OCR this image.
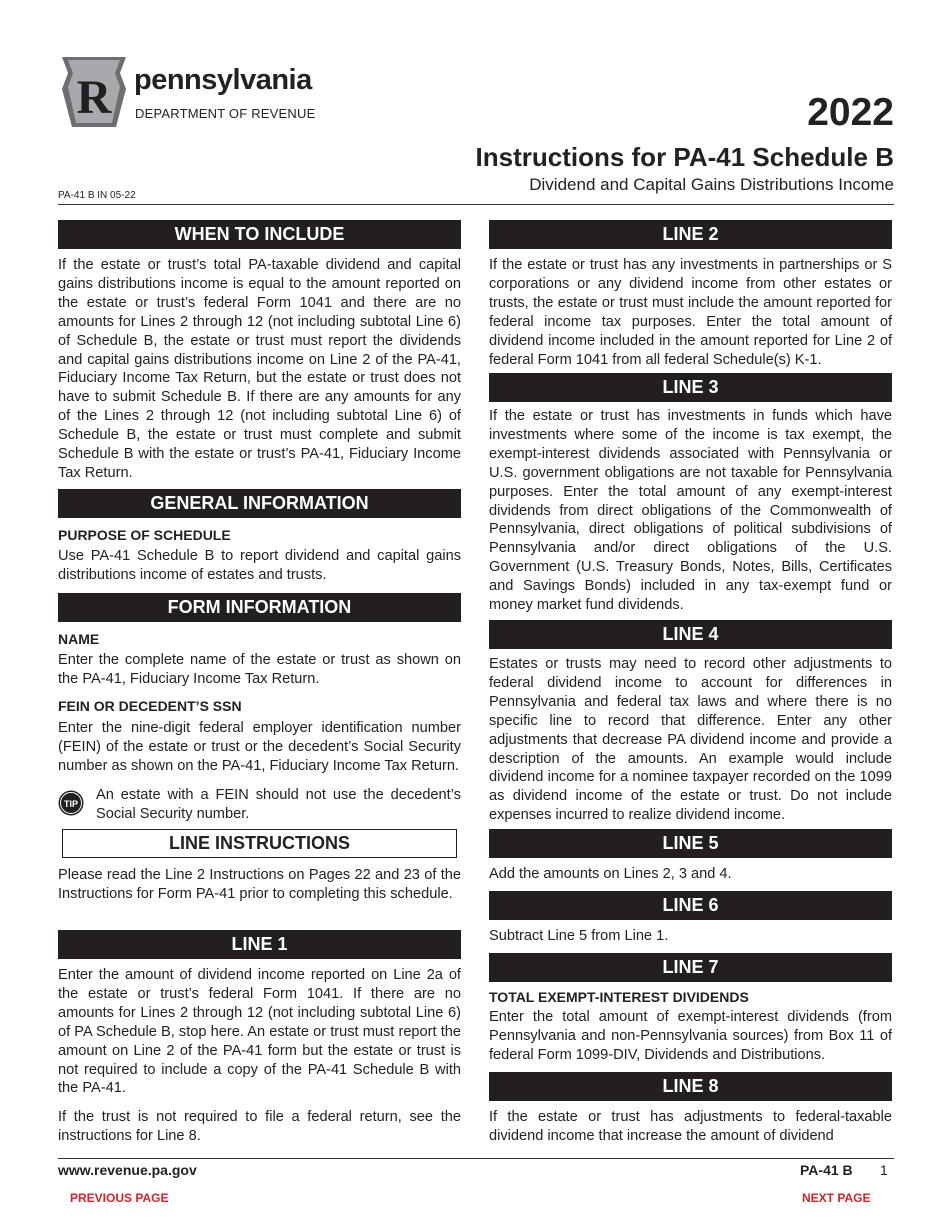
R pennsylvania
DEPARTMENT OF REVENUE	2022
Instructions for PA-41 Schedule B
Dividend and Capital Gains Distributions Income
PA-41 B IN 05-22
WHEN TO INCLUDE
If the estate or trust’s total PA-taxable dividend and capital gains distributions income is equal to the amount reported on the estate or trust’s federal Form 1041 and there are no amounts for Lines 2 through 12 (not including subtotal Line 6) of Schedule B, the estate or trust must report the dividends and capital gains distributions income on Line 2 of the PA-41, Fiduciary Income Tax Return, but the estate or trust does not have to submit Schedule B. If there are any amounts for any of the Lines 2 through 12 (not including subtotal Line 6) of Schedule B, the estate or trust must complete and submit Schedule B with the estate or trust’s PA-41, Fiduciary Income Tax Return.
GENERAL INFORMATION
PURPOSE OF SCHEDULE
Use PA-41 Schedule B to report dividend and capital gains distributions income of estates and trusts.
FORM INFORMATION
NAME
Enter the complete name of the estate or trust as shown on the PA-41, Fiduciary Income Tax Return.
FEIN OR DECEDENT’S SSN
Enter the nine-digit federal employer identification number (FEIN) of the estate or trust or the decedent’s Social Security number as shown on the PA-41, Fiduciary Income Tax Return.
TIP
An estate with a FEIN should not use the decedent’s Social Security number.
LINE INSTRUCTIONS
Please read the Line 2 Instructions on Pages 22 and 23 of the Instructions for Form PA-41 prior to completing this schedule.
LINE 1
Enter the amount of dividend income reported on Line 2a of the estate or trust’s federal Form 1041. If there are no amounts for Lines 2 through 12 (not including subtotal Line 6) of PA Schedule B, stop here. An estate or trust must report the amount on Line 2 of the PA-41 form but the estate or trust is not required to include a copy of the PA-41 Schedule B with the PA-41.
If the trust is not required to file a federal return, see the instructions for Line 8.
LINE 2
If the estate or trust has any investments in partnerships or S corporations or any dividend income from other estates or trusts, the estate or trust must include the amount reported for federal income tax purposes. Enter the total amount of dividend income included in the amount reported for Line 2 of federal Form 1041 from all federal Schedule(s) K-1.
LINE 3
If the estate or trust has investments in funds which have investments where some of the income is tax exempt, the exempt-interest dividends associated with Pennsylvania or U.S. government obligations are not taxable for Pennsylvania purposes. Enter the total amount of any exempt-interest dividends from direct obligations of the Commonwealth of Pennsylvania, direct obligations of political subdivisions of Pennsylvania and/or direct obligations of the U.S. Government (U.S. Treasury Bonds, Notes, Bills, Certificates and Savings Bonds) included in any tax-exempt fund or money market fund dividends.
LINE 4
Estates or trusts may need to record other adjustments to federal dividend income to account for differences in Pennsylvania and federal tax laws and where there is no specific line to record that difference. Enter any other adjustments that decrease PA dividend income and provide a description of the amounts. An example would include dividend income for a nominee taxpayer recorded on the 1099 as dividend income of the estate or trust. Do not include expenses incurred to realize dividend income.
LINE 5
Add the amounts on Lines 2, 3 and 4.
LINE 6
Subtract Line 5 from Line 1.
LINE 7
TOTAL EXEMPT-INTEREST DIVIDENDS
Enter the total amount of exempt-interest dividends (from Pennsylvania and non-Pennsylvania sources) from Box 11 of federal Form 1099-DIV, Dividends and Distributions.
LINE 8
If the estate or trust has adjustments to federal-taxable dividend income that increase the amount of dividend
www.revenue.pa.gov	PA-41 B 1
PREVIOUS PAGE	NEXT PAGE
